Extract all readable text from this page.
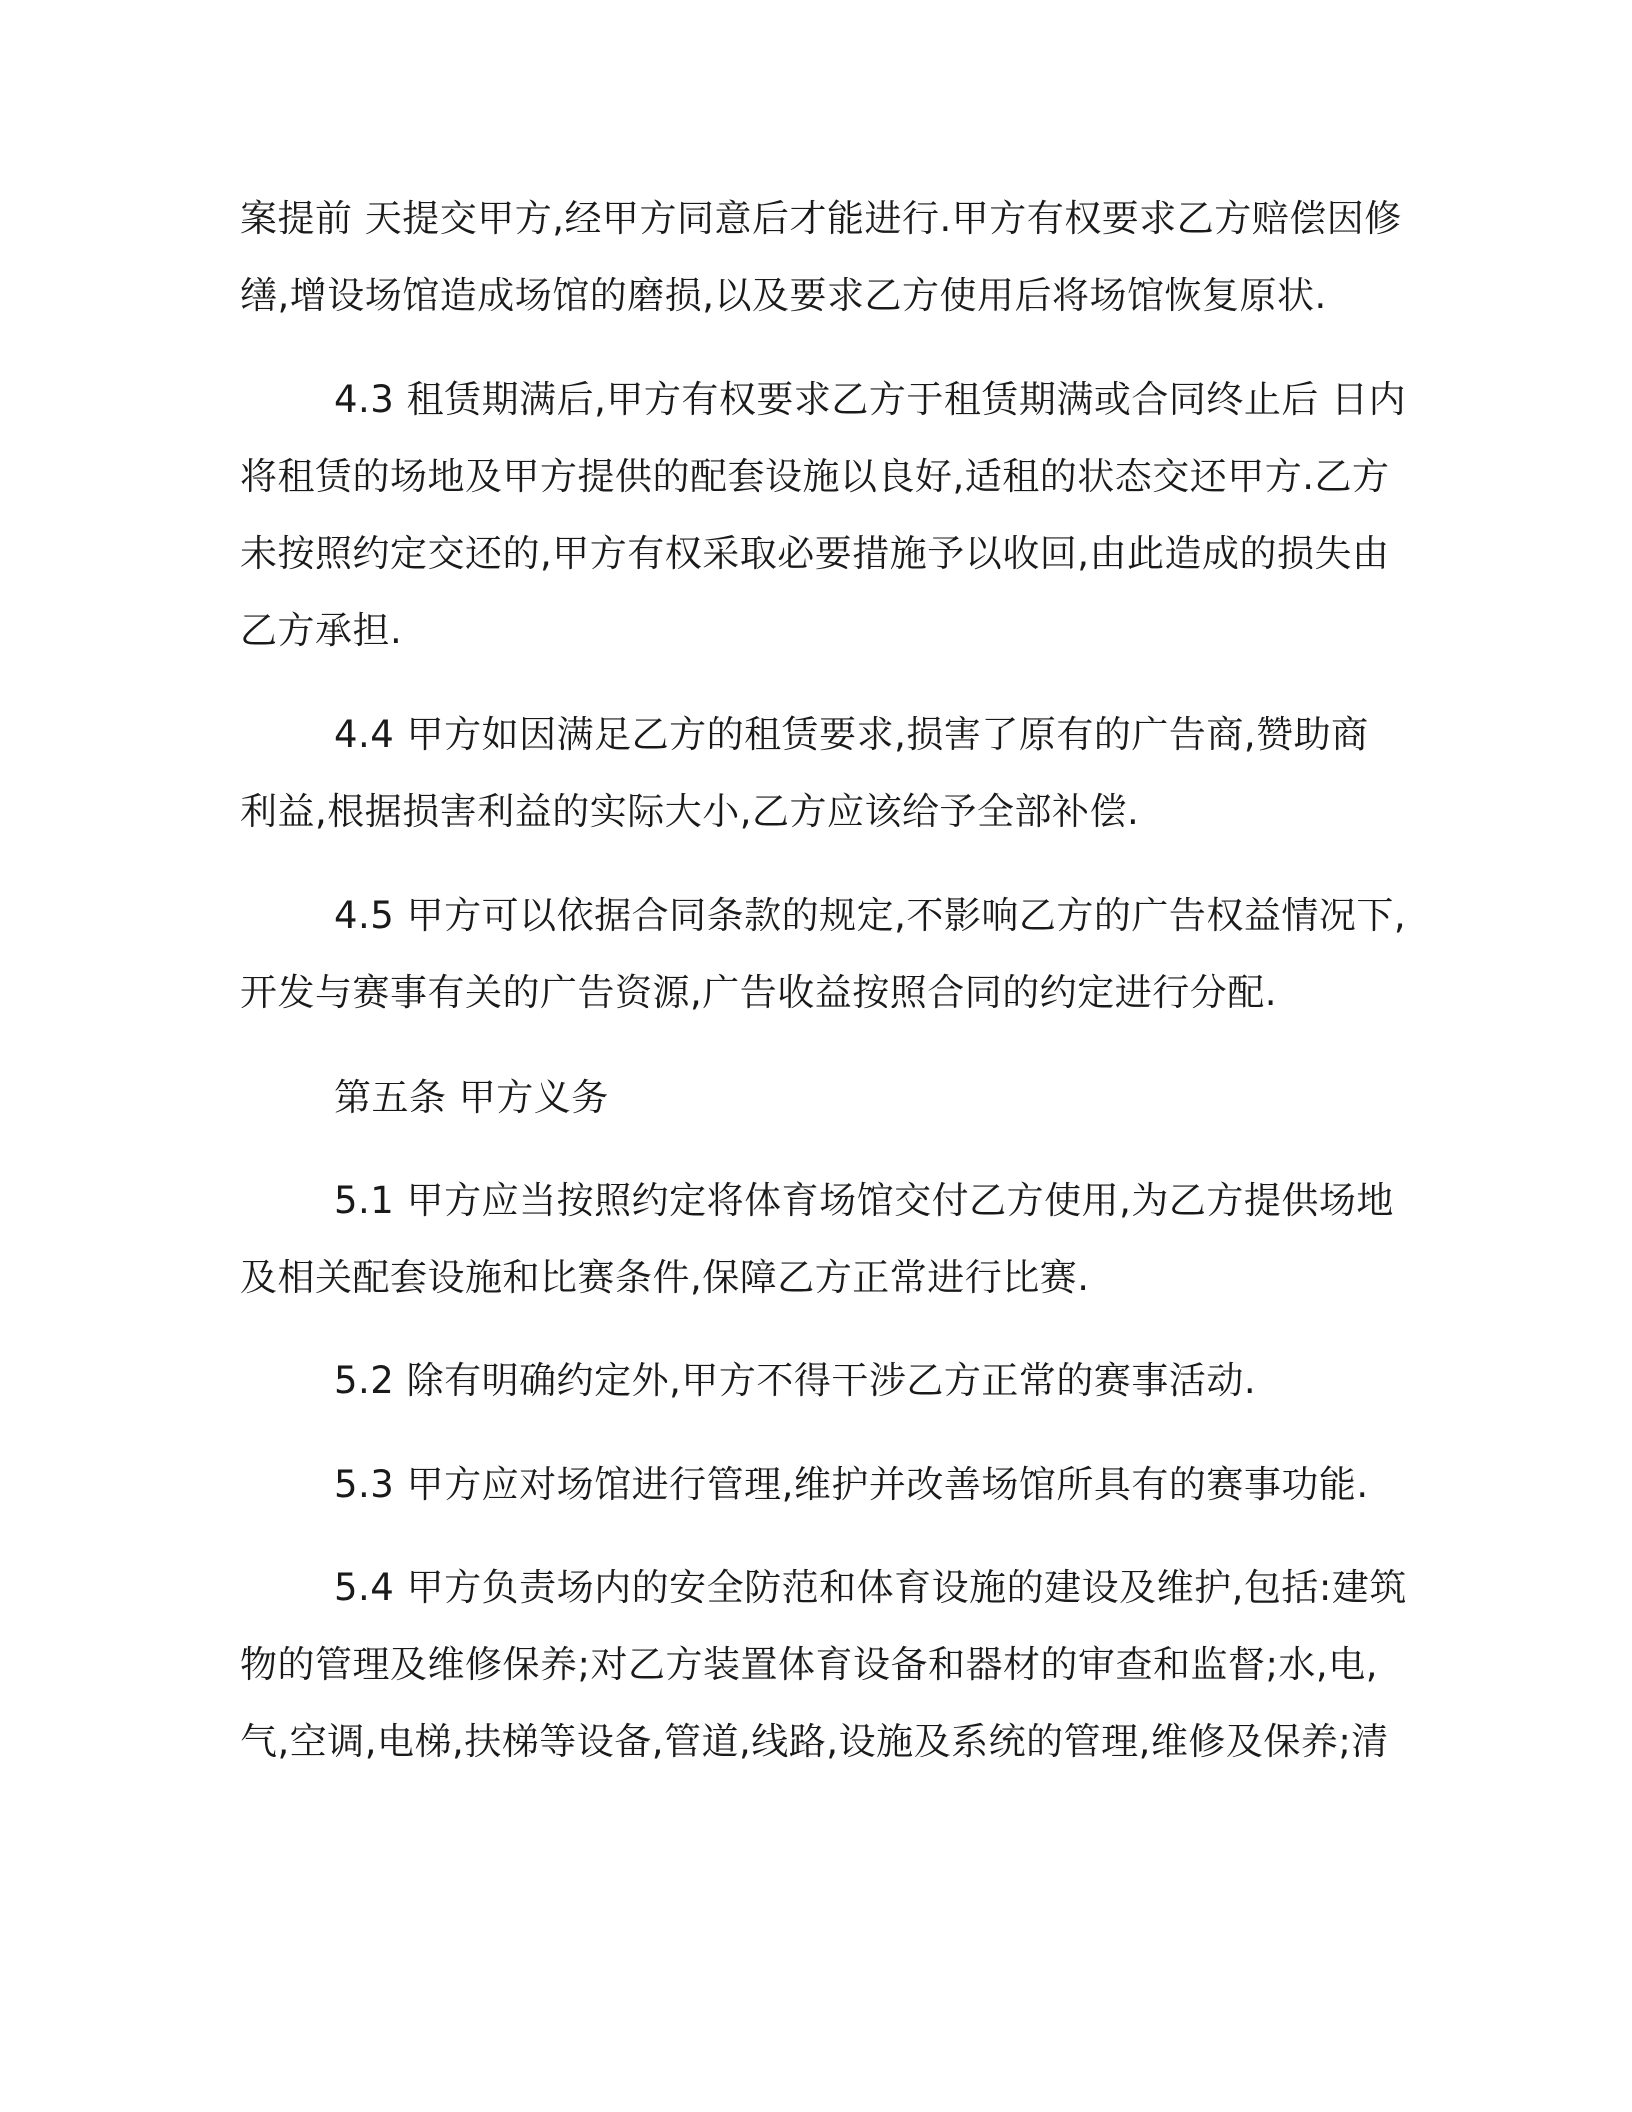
案提前 天提交甲方,经甲方同意后才能进行.甲方有权要求乙方赔偿因修
缮,增设场馆造成场馆的磨损,以及要求乙方使用后将场馆恢复原状.
4.3 租赁期满后,甲方有权要求乙方于租赁期满或合同终止后 日内
将租赁的场地及甲方提供的配套设施以良好,适租的状态交还甲方.乙方
未按照约定交还的,甲方有权采取必要措施予以收回,由此造成的损失由
乙方承担.
4.4 甲方如因满足乙方的租赁要求,损害了原有的广告商,赞助商
利益,根据损害利益的实际大小,乙方应该给予全部补偿.
4.5 甲方可以依据合同条款的规定,不影响乙方的广告权益情况下,
开发与赛事有关的广告资源,广告收益按照合同的约定进行分配.
第五条 甲方义务
5.1 甲方应当按照约定将体育场馆交付乙方使用,为乙方提供场地
及相关配套设施和比赛条件,保障乙方正常进行比赛.
5.2 除有明确约定外,甲方不得干涉乙方正常的赛事活动.
5.3 甲方应对场馆进行管理,维护并改善场馆所具有的赛事功能.
5.4 甲方负责场内的安全防范和体育设施的建设及维护,包括:建筑
物的管理及维修保养;对乙方装置体育设备和器材的审查和监督;水,电,
气,空调,电梯,扶梯等设备,管道,线路,设施及系统的管理,维修及保养;清
